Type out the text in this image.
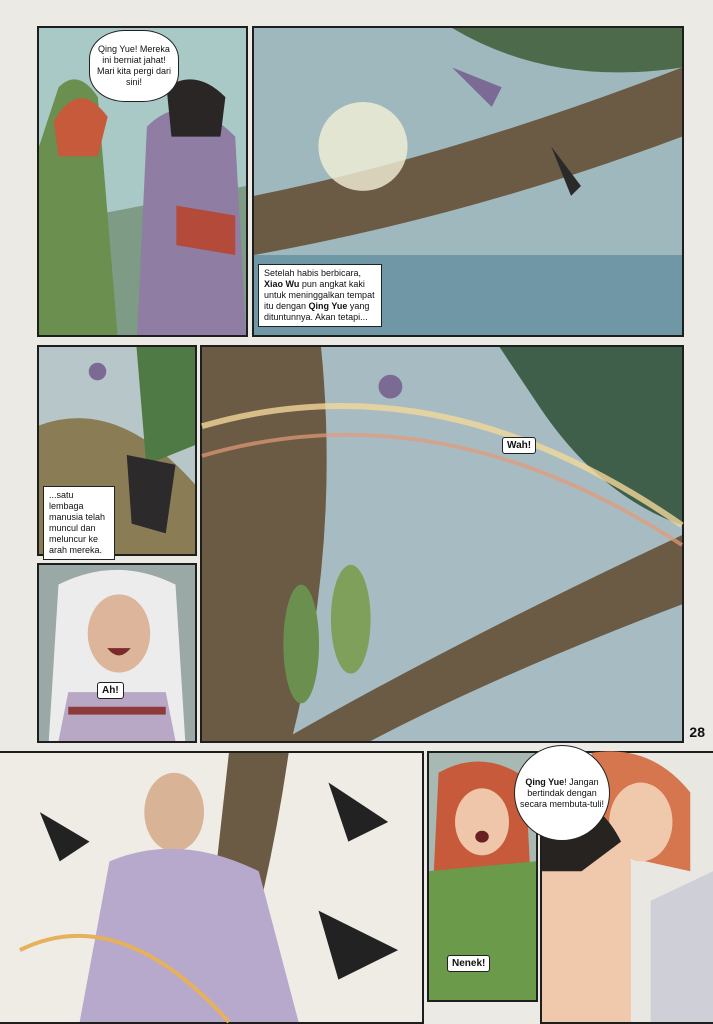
Qing Yue! Mereka ini berniat jahat! Mari kita pergi dari sini!
Setelah habis berbicara, Xiao Wu pun angkat kaki untuk meninggalkan tempat itu dengan Qing Yue yang dituntunnya. Akan tetapi...
...satu lembaga manusia telah muncul dan meluncur ke arah mereka.
Wah!
Ah!
28
Nenek!
Qing Yue! Jangan bertindak dengan secara membuta-tuli!
